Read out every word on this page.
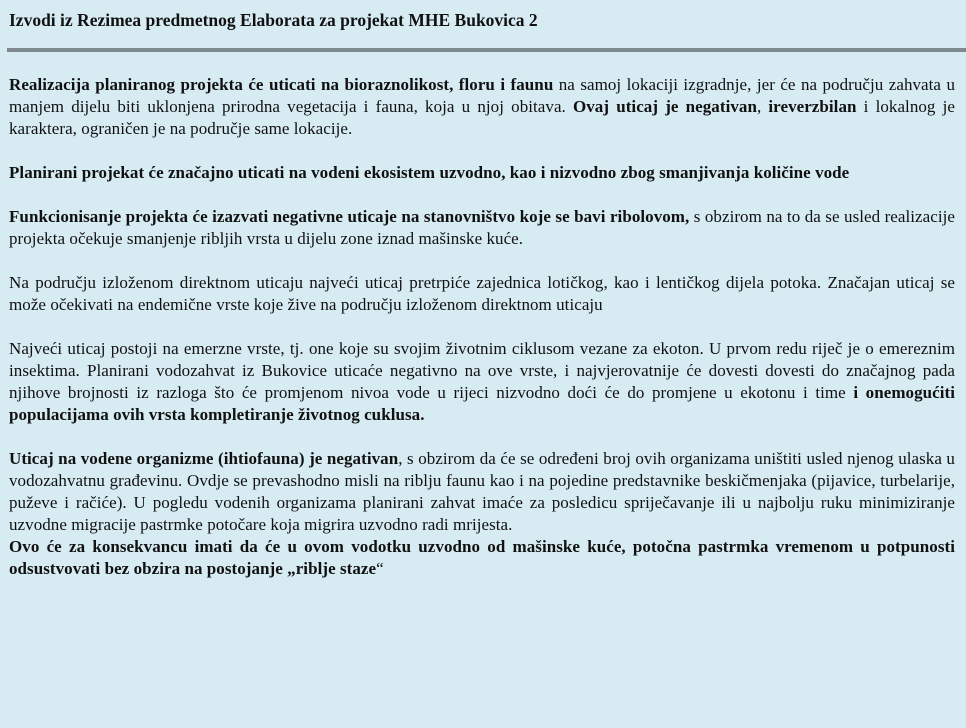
Izvodi iz Rezimea predmetnog Elaborata za projekat MHE Bukovica 2

Realizacija planiranog projekta će uticati na bioraznolikost, floru i faunu na samoj lokaciji izgradnje, jer će na području zahvata u manjem dijelu biti uklonjena prirodna vegetacija i fauna, koja u njoj obitava. Ovaj uticaj je negativan, ireverzbilan i lokalnog je karaktera, ograničen je na područje same lokacije.

Planirani projekat će značajno uticati na vodeni ekosistem uzvodno, kao i nizvodno zbog smanjivanja količine vode

Funkcionisanje projekta će izazvati negativne uticaje na stanovništvo koje se bavi ribolovom, s obzirom na to da se usled realizacije projekta očekuje smanjenje ribljih vrsta u dijelu zone iznad mašinske kuće.

Na području izloženom direktnom uticaju najveći uticaj pretrpiće zajednica lotičkog, kao i lentičkog dijela potoka. Značajan uticaj se može očekivati na endemične vrste koje žive na području izloženom direktnom uticaju

Najveći uticaj postoji na emerzne vrste, tj. one koje su svojim životnim ciklusom vezane za ekoton. U prvom redu riječ je o emereznim insektima. Planirani vodozahvat iz Bukovice uticaće negativno na ove vrste, i najvjerovatnije će dovesti dovesti do značajnog pada njihove brojnosti iz razloga što će promjenom nivoa vode u rijeci nizvodno doći će do promjene u ekotonu i time i onemogućiti populacijama ovih vrsta kompletiranje životnog cuklusa.

Uticaj na vodene organizme (ihtiofauna) je negativan, s obzirom da će se određeni broj ovih organizama uništiti usled njenog ulaska u vodozahvatnu građevinu. Ovdje se prevashodno misli na riblju faunu kao i na pojedine predstavnike beskičmenjaka (pijavice, turbelarije, puževe i račiće). U pogledu vodenih organizama planirani zahvat imaće za posledicu spriječavanje ili u najbolju ruku minimiziranje uzvodne migracije pastrmke potočare koja migrira uzvodno radi mrijesta.

Ovo će za konsekvancu imati da će u ovom vodotku uzvodno od mašinske kuće, potočna pastrmka vremenom u potpunosti odsustvovati bez obzira na postojanje „riblje staze“
